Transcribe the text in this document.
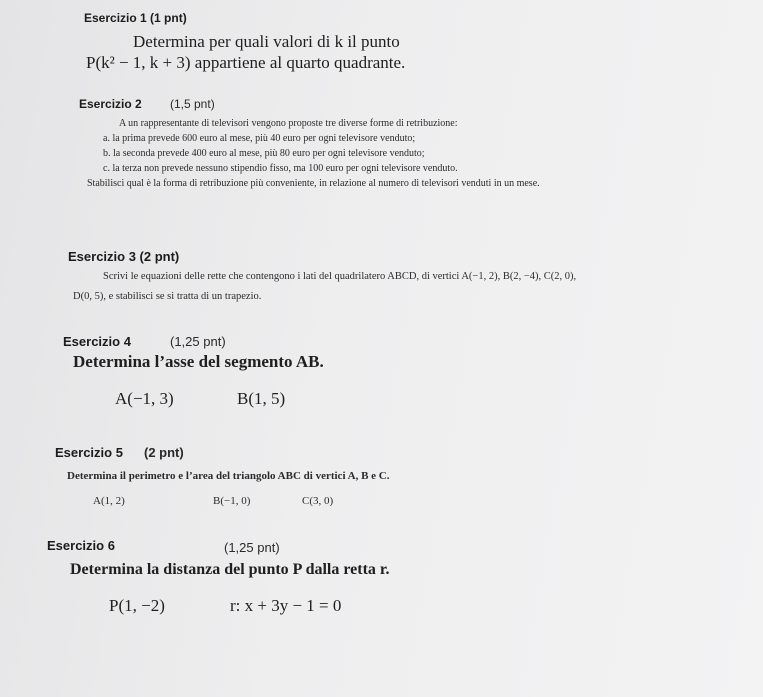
Esercizio 1 (1 pnt)
Determina per quali valori di k il punto
P(k² − 1, k + 3) appartiene al quarto quadrante.
Esercizio 2 (1,5 pnt)
A un rappresentante di televisori vengono proposte tre diverse forme di retribuzione:
a. la prima prevede 600 euro al mese, più 40 euro per ogni televisore venduto;
b. la seconda prevede 400 euro al mese, più 80 euro per ogni televisore venduto;
c. la terza non prevede nessuno stipendio fisso, ma 100 euro per ogni televisore venduto.
Stabilisci qual è la forma di retribuzione più conveniente, in relazione al numero di televisori venduti in un mese.
Esercizio 3 (2 pnt)
Scrivi le equazioni delle rette che contengono i lati del quadrilatero ABCD, di vertici A(−1, 2), B(2, −4), C(2, 0),
D(0, 5), e stabilisci se si tratta di un trapezio.
Esercizio 4	(1,25 pnt)
Determina l’asse del segmento AB.
A(−1, 3)	B(1, 5)
Esercizio 5 (2 pnt)
Determina il perimetro e l’area del triangolo ABC di vertici A, B e C.
A(1, 2)	B(−1, 0)	C(3, 0)
Esercizio 6	(1,25 pnt)
Determina la distanza del punto P dalla retta r.
P(1, −2)	r: x + 3y − 1 = 0
